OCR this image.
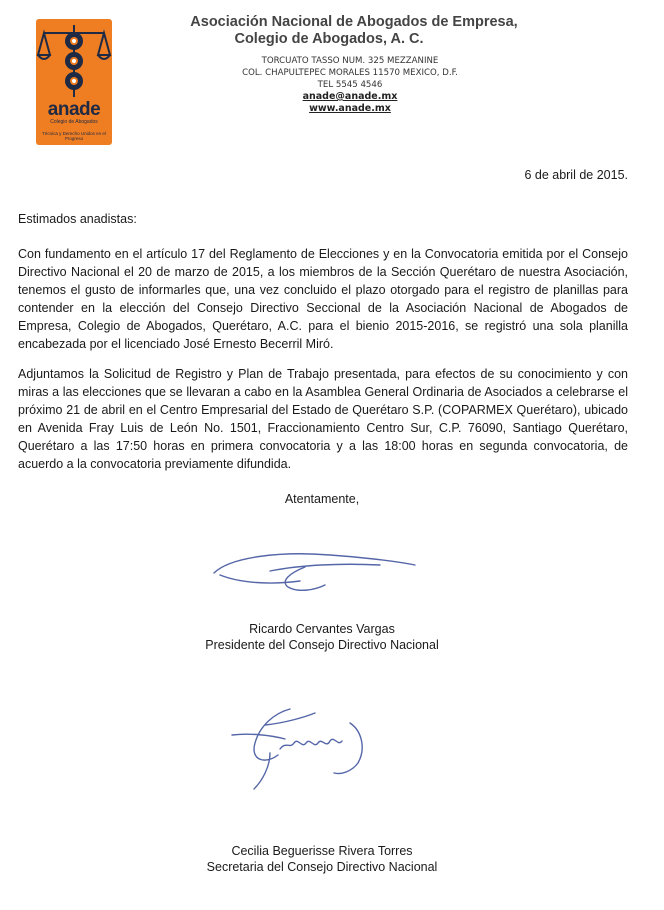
anade
Colegio de Abogados
Técnica y Derecho Unidos en el Progreso
Asociación Nacional de Abogados de Empresa,
Colegio de Abogados, A. C.
TORCUATO TASSO NUM. 325 MEZZANINE
COL. CHAPULTEPEC MORALES 11570 MEXICO, D.F.
TEL 5545 4546
anade@anade.mx
www.anade.mx
6 de abril de 2015.
Estimados anadistas:

Con fundamento en el artículo 17 del Reglamento de Elecciones y en la Convocatoria emitida por el Consejo Directivo Nacional el 20 de marzo de 2015, a los miembros de la Sección Querétaro de nuestra Asociación, tenemos el gusto de informarles que, una vez concluido el plazo otorgado para el registro de planillas para contender en la elección del Consejo Directivo Seccional de la Asociación Nacional de Abogados de Empresa, Colegio de Abogados, Querétaro, A.C. para el bienio 2015-2016, se registró una sola planilla encabezada por el licenciado José Ernesto Becerril Miró.

Adjuntamos la Solicitud de Registro y Plan de Trabajo presentada, para efectos de su conocimiento y con miras a las elecciones que se llevaran a cabo en la Asamblea General Ordinaria de Asociados a celebrarse el próximo 21 de abril en el Centro Empresarial del Estado de Querétaro S.P. (COPARMEX Querétaro), ubicado en Avenida Fray Luis de León No. 1501, Fraccionamiento Centro Sur, C.P. 76090, Santiago Querétaro, Querétaro a las 17:50 horas en primera convocatoria y a las 18:00 horas en segunda convocatoria, de acuerdo a la convocatoria previamente difundida.

Atentamente,
Ricardo Cervantes Vargas
Presidente del Consejo Directivo Nacional
Cecilia Beguerisse Rivera Torres
Secretaria del Consejo Directivo Nacional
